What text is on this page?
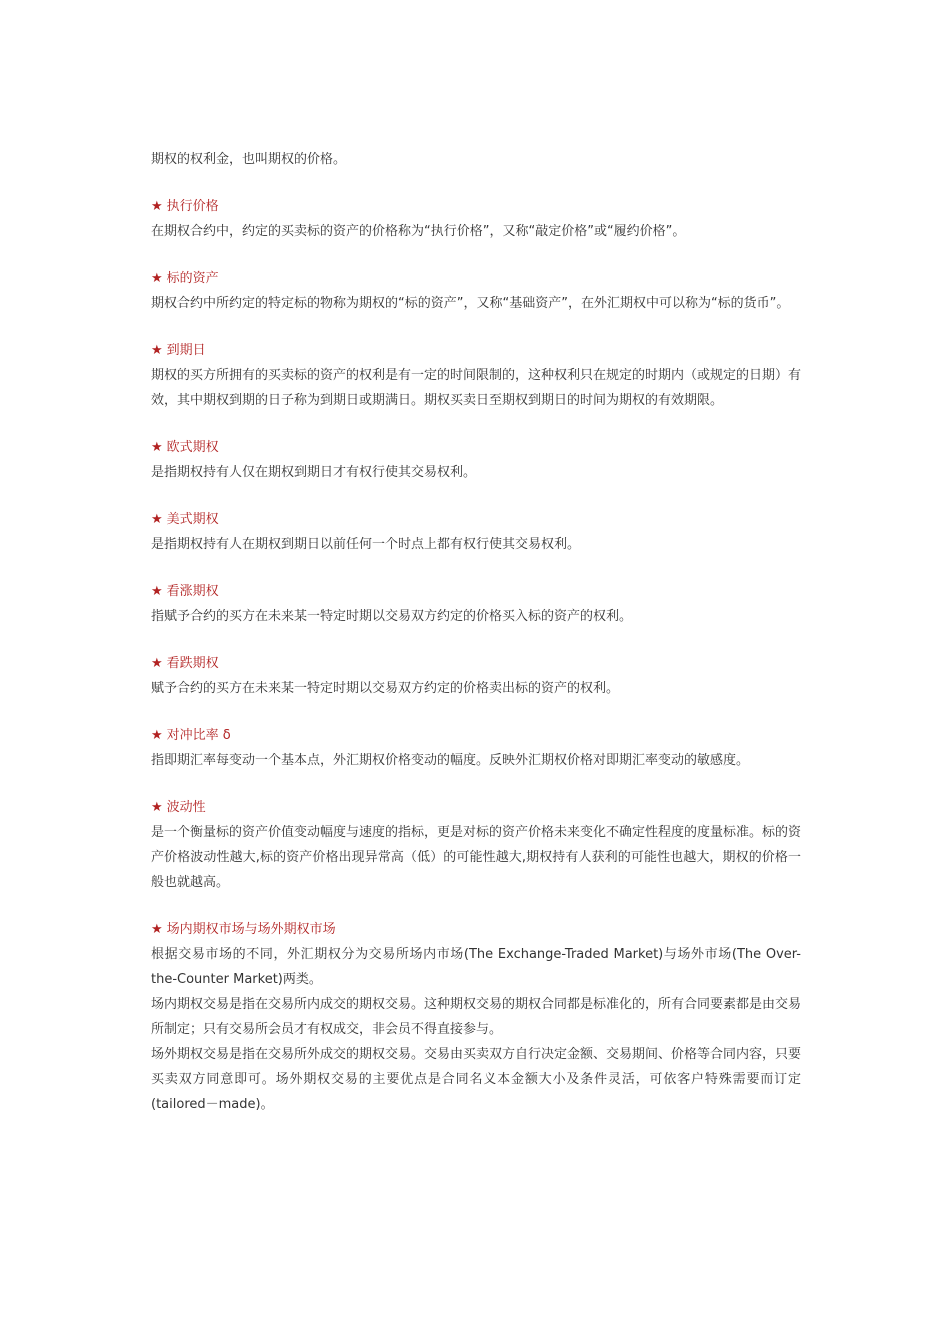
期权的权利金，也叫期权的价格。

★ 执行价格

在期权合约中，约定的买卖标的资产的价格称为“执行价格”，又称“敲定价格”或“履约价格”。

★ 标的资产

期权合约中所约定的特定标的物称为期权的“标的资产”，又称“基础资产”，在外汇期权中可以称为“标的货币”。

★ 到期日

期权的买方所拥有的买卖标的资产的权利是有一定的时间限制的，这种权利只在规定的时期内（或规定的日期）有效，其中期权到期的日子称为到期日或期满日。期权买卖日至期权到期日的时间为期权的有效期限。

★ 欧式期权

是指期权持有人仅在期权到期日才有权行使其交易权利。

★ 美式期权

是指期权持有人在期权到期日以前任何一个时点上都有权行使其交易权利。

★ 看涨期权

指赋予合约的买方在未来某一特定时期以交易双方约定的价格买入标的资产的权利。

★ 看跌期权

赋予合约的买方在未来某一特定时期以交易双方约定的价格卖出标的资产的权利。

★ 对冲比率 δ

指即期汇率每变动一个基本点，外汇期权价格变动的幅度。反映外汇期权价格对即期汇率变动的敏感度。

★ 波动性

是一个衡量标的资产价值变动幅度与速度的指标，更是对标的资产价格未来变化不确定性程度的度量标准。标的资产价格波动性越大,标的资产价格出现异常高（低）的可能性越大,期权持有人获利的可能性也越大，期权的价格一般也就越高。

★ 场内期权市场与场外期权市场

根据交易市场的不同，外汇期权分为交易所场内市场(The Exchange-Traded Market)与场外市场(The Over-the-Counter Market)两类。

场内期权交易是指在交易所内成交的期权交易。这种期权交易的期权合同都是标准化的，所有合同要素都是由交易所制定；只有交易所会员才有权成交，非会员不得直接参与。

场外期权交易是指在交易所外成交的期权交易。交易由买卖双方自行决定金额、交易期间、价格等合同内容，只要买卖双方同意即可。场外期权交易的主要优点是合同名义本金额大小及条件灵活，可依客户特殊需要而订定(tailored－made)。
